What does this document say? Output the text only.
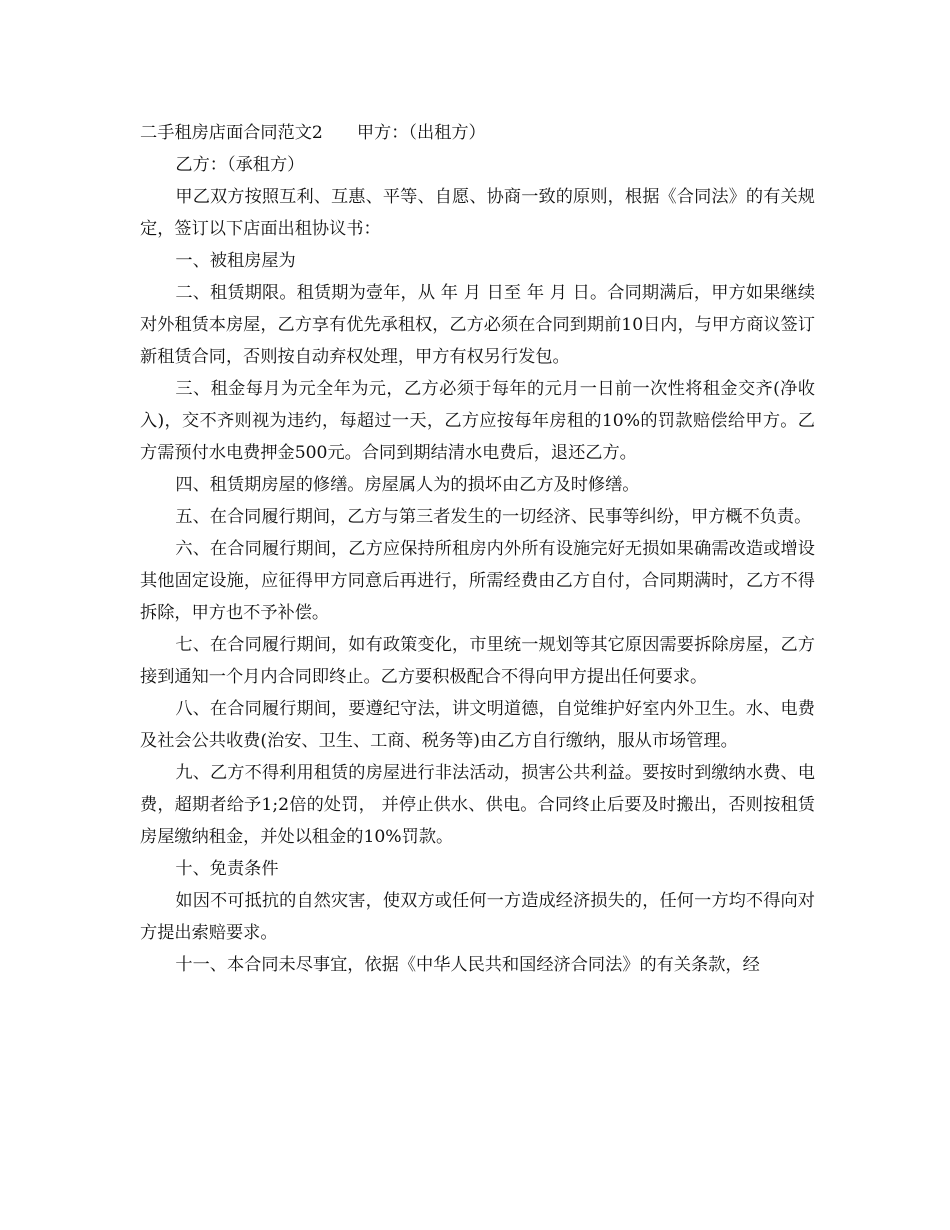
二手租房店面合同范文2 甲方：（出租方）

乙方：（承租方）

甲乙双方按照互利、互惠、平等、自愿、协商一致的原则，根据《合同法》的有关规定，签订以下店面出租协议书：

一、被租房屋为

二、租赁期限。租赁期为壹年，从 年 月 日至 年 月 日。合同期满后，甲方如果继续对外租赁本房屋，乙方享有优先承租权，乙方必须在合同到期前10日内，与甲方商议签订新租赁合同，否则按自动弃权处理，甲方有权另行发包。

三、租金每月为元全年为元，乙方必须于每年的元月一日前一次性将租金交齐(净收入)，交不齐则视为违约，每超过一天，乙方应按每年房租的10%的罚款赔偿给甲方。乙方需预付水电费押金500元。合同到期结清水电费后，退还乙方。

四、租赁期房屋的修缮。房屋属人为的损坏由乙方及时修缮。

五、在合同履行期间，乙方与第三者发生的一切经济、民事等纠纷，甲方概不负责。

六、在合同履行期间，乙方应保持所租房内外所有设施完好无损如果确需改造或增设其他固定设施，应征得甲方同意后再进行，所需经费由乙方自付，合同期满时，乙方不得拆除，甲方也不予补偿。

七、在合同履行期间，如有政策变化，市里统一规划等其它原因需要拆除房屋，乙方接到通知一个月内合同即终止。乙方要积极配合不得向甲方提出任何要求。

八、在合同履行期间，要遵纪守法，讲文明道德，自觉维护好室内外卫生。水、电费及社会公共收费(治安、卫生、工商、税务等)由乙方自行缴纳，服从市场管理。

九、乙方不得利用租赁的房屋进行非法活动，损害公共利益。要按时到缴纳水费、电费，超期者给予1;2倍的处罚， 并停止供水、供电。合同终止后要及时搬出，否则按租赁房屋缴纳租金，并处以租金的10%罚款。

十、免责条件

如因不可抵抗的自然灾害，使双方或任何一方造成经济损失的，任何一方均不得向对方提出索赔要求。

十一、本合同未尽事宜，依据《中华人民共和国经济合同法》的有关条款，经
